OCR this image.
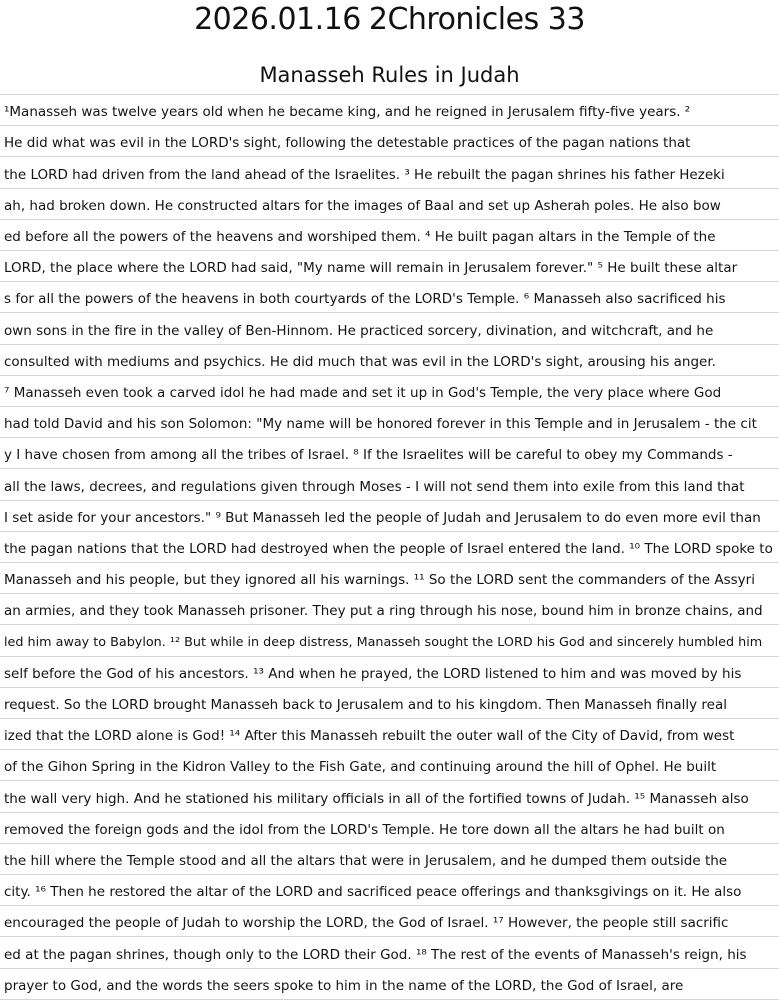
2026.01.16 2Chronicles 33
Manasseh Rules in Judah
¹Manasseh was twelve years old when he became king, and he reigned in Jerusalem fifty-five years. ²
He did what was evil in the LORD's sight, following the detestable practices of the pagan nations that
the LORD had driven from the land ahead of the Israelites. ³ He rebuilt the pagan shrines his father Hezeki
ah, had broken down. He constructed altars for the images of Baal and set up Asherah poles. He also bow
ed before all the powers of the heavens and worshiped them. ⁴ He built pagan altars in the Temple of the
LORD, the place where the LORD had said, "My name will remain in Jerusalem forever." ⁵ He built these altar
s for all the powers of the heavens in both courtyards of the LORD's Temple. ⁶ Manasseh also sacrificed his
own sons in the fire in the valley of Ben-Hinnom. He practiced sorcery, divination, and witchcraft, and he
consulted with mediums and psychics. He did much that was evil in the LORD's sight, arousing his anger.
⁷ Manasseh even took a carved idol he had made and set it up in God's Temple, the very place where God
had told David and his son Solomon: "My name will be honored forever in this Temple and in Jerusalem - the cit
y I have chosen from among all the tribes of Israel. ⁸ If the Israelites will be careful to obey my Commands -
all the laws, decrees, and regulations given through Moses - I will not send them into exile from this land that
I set aside for your ancestors." ⁹ But Manasseh led the people of Judah and Jerusalem to do even more evil than
the pagan nations that the LORD had destroyed when the people of Israel entered the land. ¹⁰ The LORD spoke to
Manasseh and his people, but they ignored all his warnings. ¹¹ So the LORD sent the commanders of the Assyri
an armies, and they took Manasseh prisoner. They put a ring through his nose, bound him in bronze chains, and
led him away to Babylon. ¹² But while in deep distress, Manasseh sought the LORD his God and sincerely humbled him
self before the God of his ancestors. ¹³ And when he prayed, the LORD listened to him and was moved by his
request. So the LORD brought Manasseh back to Jerusalem and to his kingdom. Then Manasseh finally real
ized that the LORD alone is God! ¹⁴ After this Manasseh rebuilt the outer wall of the City of David, from west
of the Gihon Spring in the Kidron Valley to the Fish Gate, and continuing around the hill of Ophel. He built
the wall very high. And he stationed his military officials in all of the fortified towns of Judah. ¹⁵ Manasseh also
removed the foreign gods and the idol from the LORD's Temple. He tore down all the altars he had built on
the hill where the Temple stood and all the altars that were in Jerusalem, and he dumped them outside the
city. ¹⁶ Then he restored the altar of the LORD and sacrificed peace offerings and thanksgivings on it. He also
encouraged the people of Judah to worship the LORD, the God of Israel. ¹⁷ However, the people still sacrific
ed at the pagan shrines, though only to the LORD their God. ¹⁸ The rest of the events of Manasseh's reign, his
prayer to God, and the words the seers spoke to him in the name of the LORD, the God of Israel, are
